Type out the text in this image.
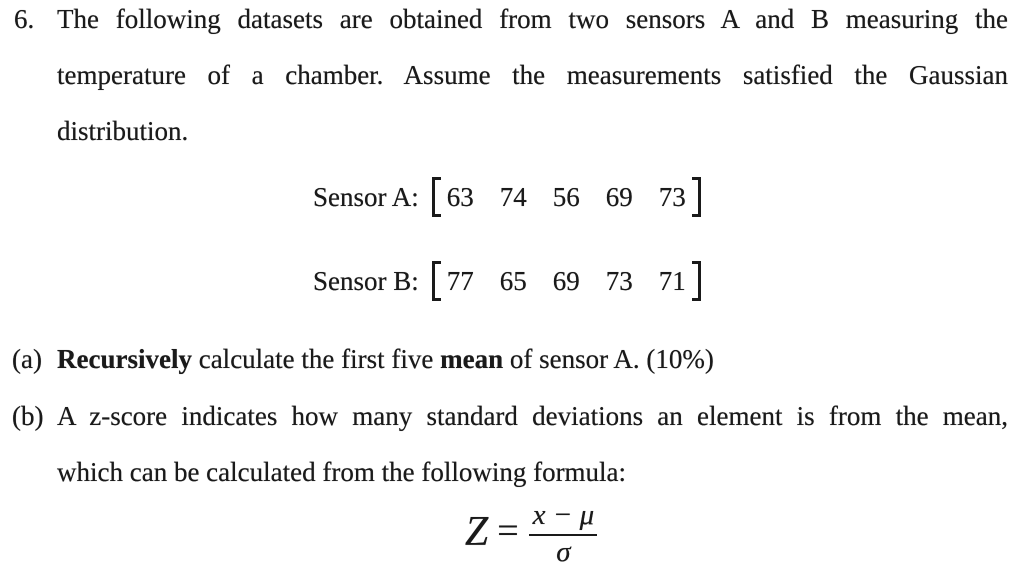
6. The following datasets are obtained from two sensors A and B measuring the
temperature of a chamber. Assume the measurements satisfied the Gaussian
distribution.
Sensor A: 63 74 56 69 73
Sensor B: 77 65 69 73 71
(a) Recursively calculate the first five mean of sensor A. (10%)
(b) A z-score indicates how many standard deviations an element is from the mean,
which can be calculated from the following formula:
$Z = \frac{x - \mu}{\sigma}$
